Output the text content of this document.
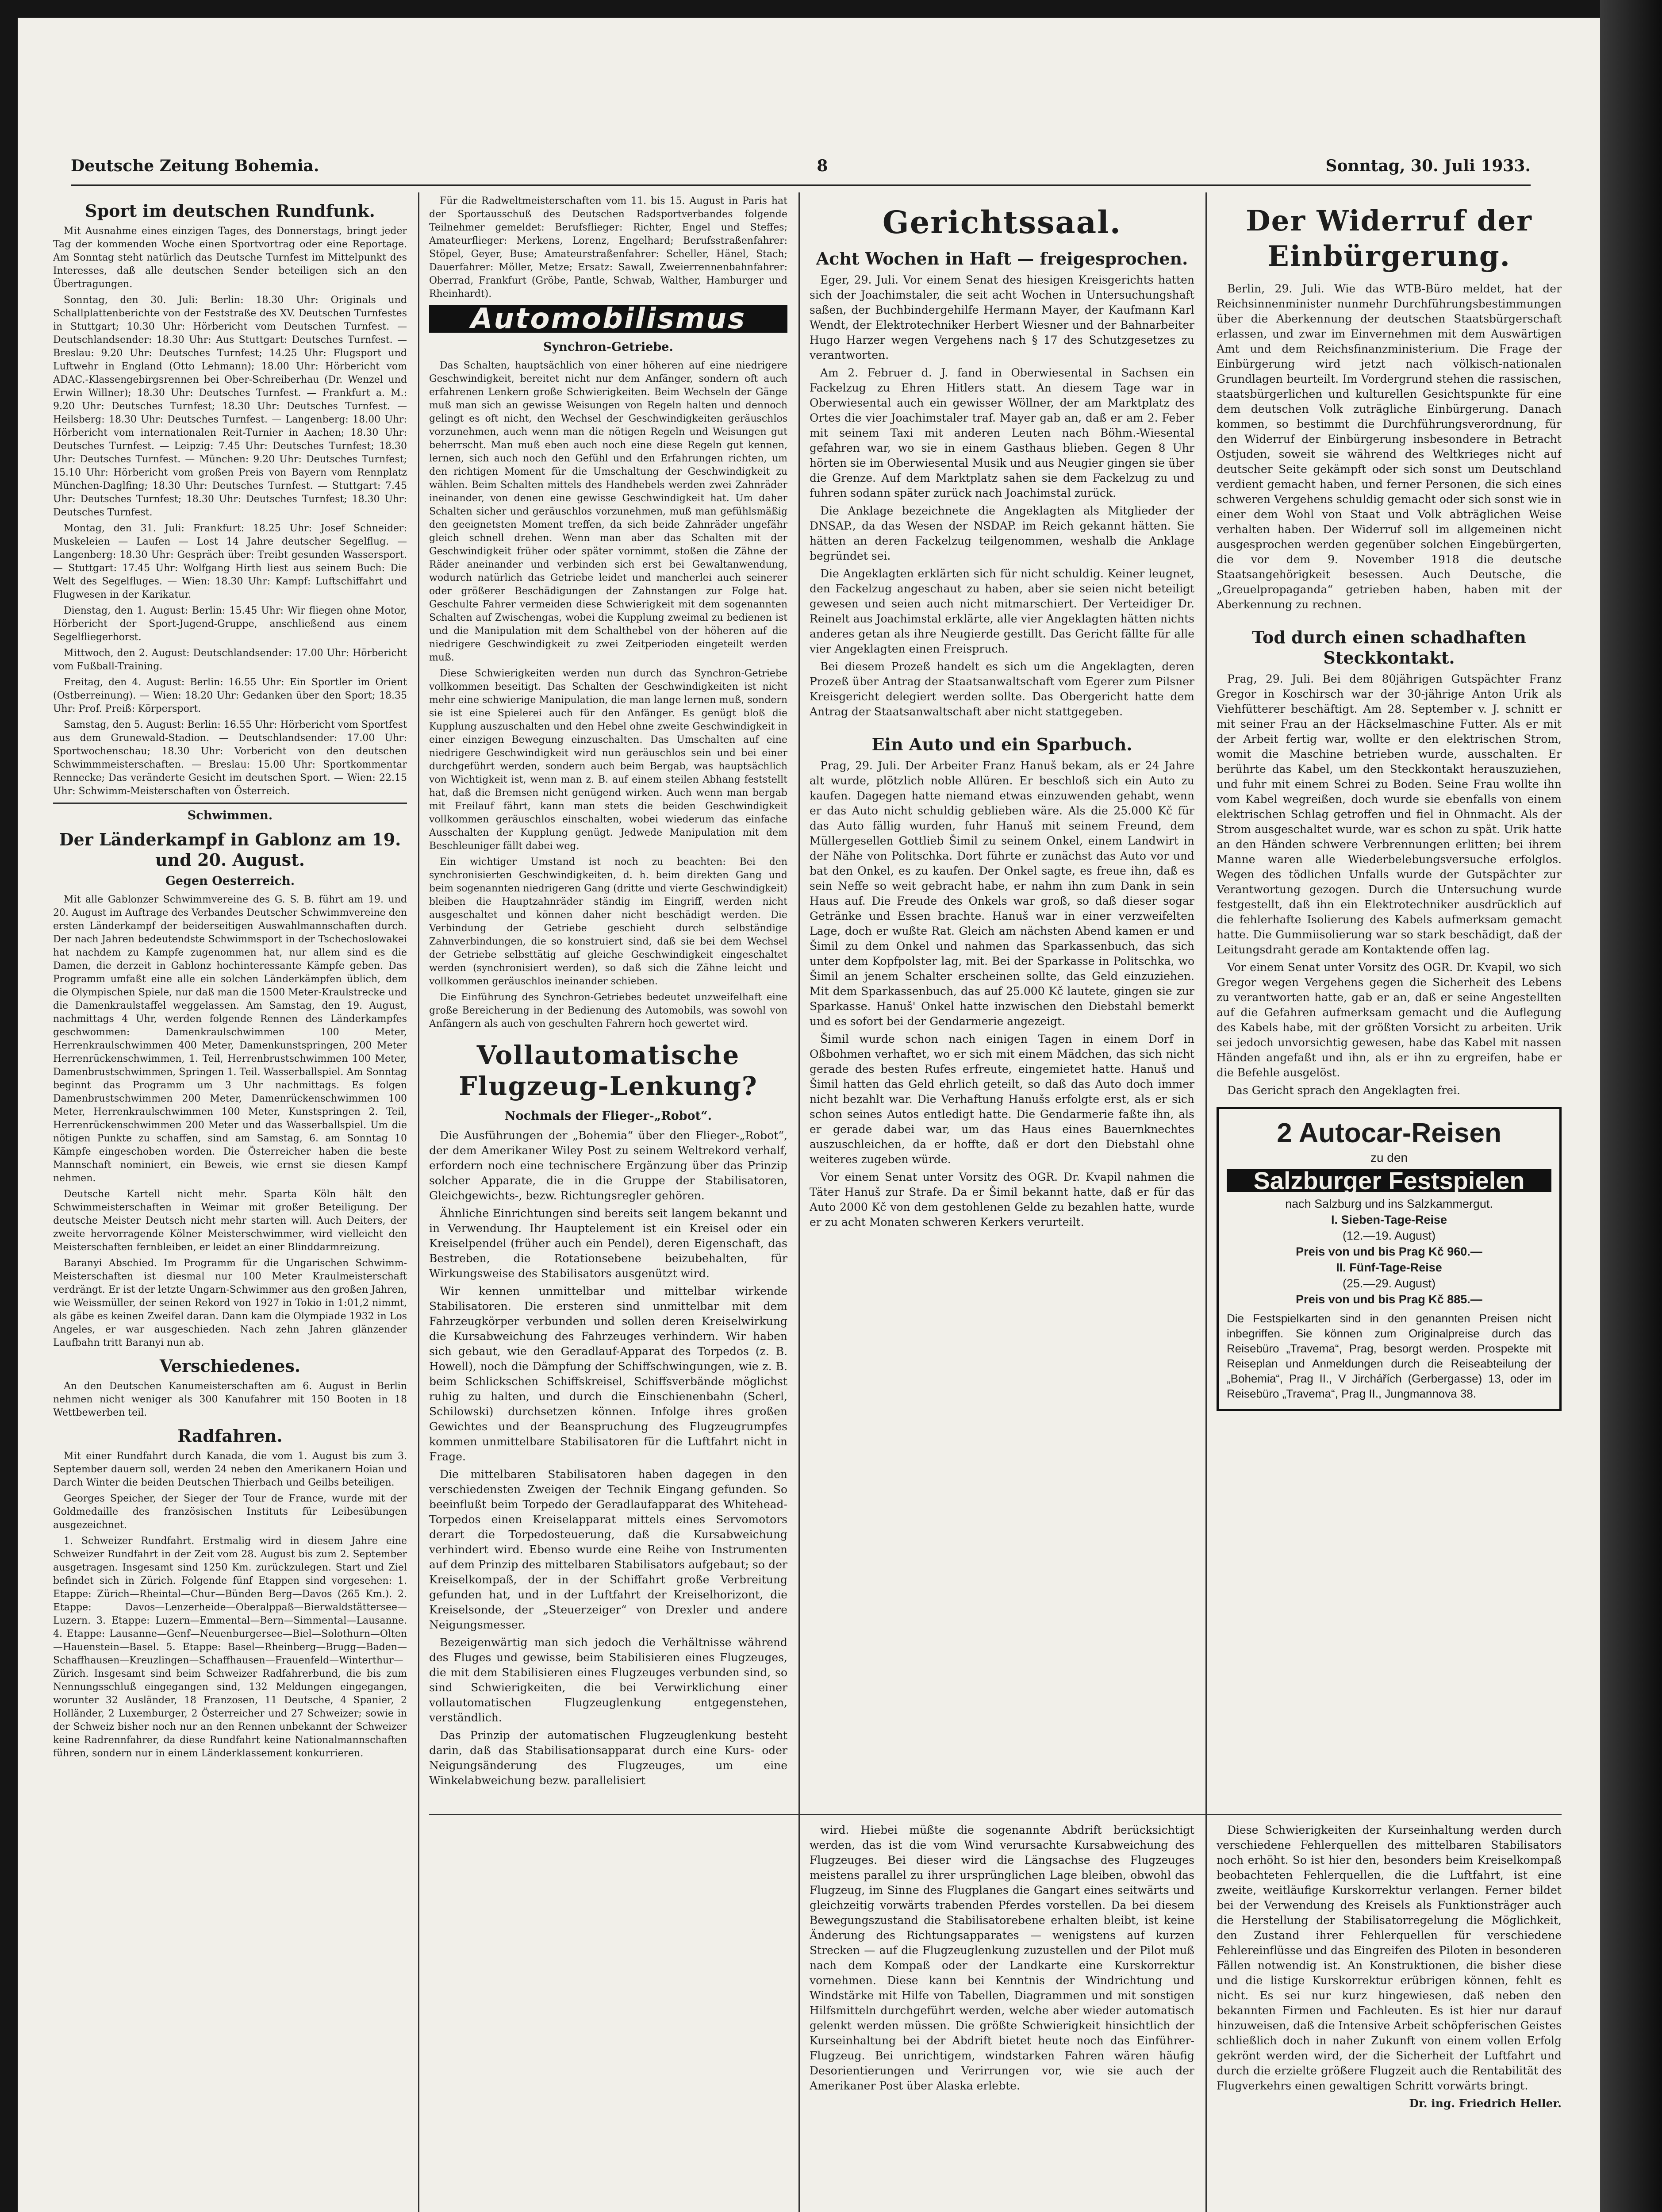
Deutsche Zeitung Bohemia.	8	Sonntag, 30. Juli 1933.
Sport im deutschen Rundfunk.

Mit Ausnahme eines einzigen Tages, des Donnerstags, bringt jeder Tag der kommenden Woche einen Sportvortrag oder eine Reportage. Am Sonntag steht natürlich das Deutsche Turnfest im Mittelpunkt des Interesses, daß alle deutschen Sender beteiligen sich an den Übertragungen.

Sonntag, den 30. Juli: Berlin: 18.30 Uhr: Originals und Schallplattenberichte von der Feststraße des XV. Deutschen Turnfestes in Stuttgart; 10.30 Uhr: Hörbericht vom Deutschen Turnfest. — Deutschlandsender: 18.30 Uhr: Aus Stuttgart: Deutsches Turnfest. — Breslau: 9.20 Uhr: Deutsches Turnfest; 14.25 Uhr: Flugsport und Luftwehr in England (Otto Lehmann); 18.00 Uhr: Hörbericht vom ADAC.-Klassengebirgsrennen bei Ober-Schreiberhau (Dr. Wenzel und Erwin Willner); 18.30 Uhr: Deutsches Turnfest. — Frankfurt a. M.: 9.20 Uhr: Deutsches Turnfest; 18.30 Uhr: Deutsches Turnfest. — Heilsberg: 18.30 Uhr: Deutsches Turnfest. — Langenberg: 18.00 Uhr: Hörbericht vom internationalen Reit-Turnier in Aachen; 18.30 Uhr: Deutsches Turnfest. — Leipzig: 7.45 Uhr: Deutsches Turnfest; 18.30 Uhr: Deutsches Turnfest. — München: 9.20 Uhr: Deutsches Turnfest; 15.10 Uhr: Hörbericht vom großen Preis von Bayern vom Rennplatz München-Daglfing; 18.30 Uhr: Deutsches Turnfest. — Stuttgart: 7.45 Uhr: Deutsches Turnfest; 18.30 Uhr: Deutsches Turnfest; 18.30 Uhr: Deutsches Turnfest.

Montag, den 31. Juli: Frankfurt: 18.25 Uhr: Josef Schneider: Muskeleien — Laufen — Lost 14 Jahre deutscher Segelflug. — Langenberg: 18.30 Uhr: Gespräch über: Treibt gesunden Wassersport. — Stuttgart: 17.45 Uhr: Wolfgang Hirth liest aus seinem Buch: Die Welt des Segelfluges. — Wien: 18.30 Uhr: Kampf: Luftschiffahrt und Flugwesen in der Karikatur.

Dienstag, den 1. August: Berlin: 15.45 Uhr: Wir fliegen ohne Motor, Hörbericht der Sport-Jugend-Gruppe, anschließend aus einem Segelfliegerhorst.

Mittwoch, den 2. August: Deutschlandsender: 17.00 Uhr: Hörbericht vom Fußball-Training.

Freitag, den 4. August: Berlin: 16.55 Uhr: Ein Sportler im Orient (Ostberreinung). — Wien: 18.20 Uhr: Gedanken über den Sport; 18.35 Uhr: Prof. Preiß: Körpersport.

Samstag, den 5. August: Berlin: 16.55 Uhr: Hörbericht vom Sportfest aus dem Grunewald-Stadion. — Deutschlandsender: 17.00 Uhr: Sportwochenschau; 18.30 Uhr: Vorbericht von den deutschen Schwimmmeisterschaften. — Breslau: 15.00 Uhr: Sportkommentar Rennecke; Das veränderte Gesicht im deutschen Sport. — Wien: 22.15 Uhr: Schwimm-Meisterschaften von Österreich.

Schwimmen.
Der Länderkampf in Gablonz am 19. und 20. August.
Gegen Oesterreich.

Mit alle Gablonzer Schwimmvereine des G. S. B. führt am 19. und 20. August im Auftrage des Verbandes Deutscher Schwimmvereine den ersten Länderkampf der beiderseitigen Auswahlmannschaften durch. Der nach Jahren bedeutendste Schwimmsport in der Tschechoslowakei hat nachdem zu Kampfe zugenommen hat, nur allem sind es die Damen, die derzeit in Gablonz hochinteressante Kämpfe geben. Das Programm umfaßt eine alle ein solchen Länderkämpfen üblich, dem die Olympischen Spiele, nur daß man die 1500 Meter-Kraulstrecke und die Damenkraulstaffel weggelassen. Am Samstag, den 19. August, nachmittags 4 Uhr, werden folgende Rennen des Länderkampfes geschwommen: Damenkraulschwimmen 100 Meter, Herrenkraulschwimmen 400 Meter, Damenkunstspringen, 200 Meter Herrenrückenschwimmen, 1. Teil, Herrenbrustschwimmen 100 Meter, Damenbrustschwimmen, Springen 1. Teil. Wasserballspiel. Am Sonntag beginnt das Programm um 3 Uhr nachmittags. Es folgen Damenbrustschwimmen 200 Meter, Damenrückenschwimmen 100 Meter, Herrenkraulschwimmen 100 Meter, Kunstspringen 2. Teil, Herrenrückenschwimmen 200 Meter und das Wasserballspiel. Um die nötigen Punkte zu schaffen, sind am Samstag, 6. am Sonntag 10 Kämpfe eingeschoben worden. Die Österreicher haben die beste Mannschaft nominiert, ein Beweis, wie ernst sie diesen Kampf nehmen.

Deutsche Kartell nicht mehr. Sparta Köln hält den Schwimmeisterschaften in Weimar mit großer Beteiligung. Der deutsche Meister Deutsch nicht mehr starten will. Auch Deiters, der zweite hervorragende Kölner Meisterschwimmer, wird vielleicht den Meisterschaften fernbleiben, er leidet an einer Blinddarmreizung.

Baranyi Abschied. Im Programm für die Ungarischen Schwimm-Meisterschaften ist diesmal nur 100 Meter Kraulmeisterschaft verdrängt. Er ist der letzte Ungarn-Schwimmer aus den großen Jahren, wie Weissmüller, der seinen Rekord von 1927 in Tokio in 1:01,2 nimmt, als gäbe es keinen Zweifel daran. Dann kam die Olympiade 1932 in Los Angeles, er war ausgeschieden. Nach zehn Jahren glänzender Laufbahn tritt Baranyi nun ab.

Verschiedenes.

An den Deutschen Kanumeisterschaften am 6. August in Berlin nehmen nicht weniger als 300 Kanufahrer mit 150 Booten in 18 Wettbewerben teil.

Radfahren.

Mit einer Rundfahrt durch Kanada, die vom 1. August bis zum 3. September dauern soll, werden 24 neben den Amerikanern Hoian und Darch Winter die beiden Deutschen Thierbach und Geilbs beteiligen.

Georges Speicher, der Sieger der Tour de France, wurde mit der Goldmedaille des französischen Instituts für Leibesübungen ausgezeichnet.

1. Schweizer Rundfahrt. Erstmalig wird in diesem Jahre eine Schweizer Rundfahrt in der Zeit vom 28. August bis zum 2. September ausgetragen. Insgesamt sind 1250 Km. zurückzulegen. Start und Ziel befindet sich in Zürich. Folgende fünf Etappen sind vorgesehen: 1. Etappe: Zürich—Rheintal—Chur—Bünden Berg—Davos (265 Km.). 2. Etappe: Davos—Lenzerheide—Oberalppaß—Bierwaldstättersee—Luzern. 3. Etappe: Luzern—Emmental—Bern—Simmental—Lausanne. 4. Etappe: Lausanne—Genf—Neuenburgersee—Biel—Solothurn—Olten—Hauenstein—Basel. 5. Etappe: Basel—Rheinberg—Brugg—Baden—Schaffhausen—Kreuzlingen—Schaffhausen—Frauenfeld—Winterthur—Zürich. Insgesamt sind beim Schweizer Radfahrerbund, die bis zum Nennungsschluß eingegangen sind, 132 Meldungen eingegangen, worunter 32 Ausländer, 18 Franzosen, 11 Deutsche, 4 Spanier, 2 Holländer, 2 Luxemburger, 2 Österreicher und 27 Schweizer; sowie in der Schweiz bisher noch nur an den Rennen unbekannt der Schweizer keine Radrennfahrer, da diese Rundfahrt keine Nationalmannschaften führen, sondern nur in einem Länderklassement konkurrieren.

Für die Radweltmeisterschaften vom 11. bis 15. August in Paris hat der Sportausschuß des Deutschen Radsportverbandes folgende Teilnehmer gemeldet: Berufsflieger: Richter, Engel und Steffes; Amateurflieger: Merkens, Lorenz, Engelhard; Berufsstraßenfahrer: Stöpel, Geyer, Buse; Amateurstraßenfahrer: Scheller, Hänel, Stach; Dauerfahrer: Möller, Metze; Ersatz: Sawall, Zweierrennenbahnfahrer: Oberrad, Frankfurt (Gröbe, Pantle, Schwab, Walther, Hamburger und Rheinhardt).

Automobilismus
Synchron-Getriebe.

Das Schalten, hauptsächlich von einer höheren auf eine niedrigere Geschwindigkeit, bereitet nicht nur dem Anfänger, sondern oft auch erfahrenen Lenkern große Schwierigkeiten. Beim Wechseln der Gänge muß man sich an gewisse Weisungen von Regeln halten und dennoch gelingt es oft nicht, den Wechsel der Geschwindigkeiten geräuschlos vorzunehmen, auch wenn man die nötigen Regeln und Weisungen gut beherrscht. Man muß eben auch noch eine diese Regeln gut kennen, lernen, sich auch noch den Gefühl und den Erfahrungen richten, um den richtigen Moment für die Umschaltung der Geschwindigkeit zu wählen. Beim Schalten mittels des Handhebels werden zwei Zahnräder ineinander, von denen eine gewisse Geschwindigkeit hat. Um daher Schalten sicher und geräuschlos vorzunehmen, muß man gefühlsmäßig den geeignetsten Moment treffen, da sich beide Zahnräder ungefähr gleich schnell drehen. Wenn man aber das Schalten mit der Geschwindigkeit früher oder später vornimmt, stoßen die Zähne der Räder aneinander und verbinden sich erst bei Gewaltanwendung, wodurch natürlich das Getriebe leidet und mancherlei auch seinerer oder größerer Beschädigungen der Zahnstangen zur Folge hat. Geschulte Fahrer vermeiden diese Schwierigkeit mit dem sogenannten Schalten auf Zwischengas, wobei die Kupplung zweimal zu bedienen ist und die Manipulation mit dem Schalthebel von der höheren auf die niedrigere Geschwindigkeit zu zwei Zeitperioden eingeteilt werden muß.

Diese Schwierigkeiten werden nun durch das Synchron-Getriebe vollkommen beseitigt. Das Schalten der Geschwindigkeiten ist nicht mehr eine schwierige Manipulation, die man lange lernen muß, sondern sie ist eine Spielerei auch für den Anfänger. Es genügt bloß die Kupplung auszuschalten und den Hebel ohne zweite Geschwindigkeit in einer einzigen Bewegung einzuschalten. Das Umschalten auf eine niedrigere Geschwindigkeit wird nun geräuschlos sein und bei einer durchgeführt werden, sondern auch beim Bergab, was hauptsächlich von Wichtigkeit ist, wenn man z. B. auf einem steilen Abhang feststellt hat, daß die Bremsen nicht genügend wirken. Auch wenn man bergab mit Freilauf fährt, kann man stets die beiden Geschwindigkeit vollkommen geräuschlos einschalten, wobei wiederum das einfache Ausschalten der Kupplung genügt. Jedwede Manipulation mit dem Beschleuniger fällt dabei weg.

Ein wichtiger Umstand ist noch zu beachten: Bei den synchronisierten Geschwindigkeiten, d. h. beim direkten Gang und beim sogenannten niedrigeren Gang (dritte und vierte Geschwindigkeit) bleiben die Hauptzahnräder ständig im Eingriff, werden nicht ausgeschaltet und können daher nicht beschädigt werden. Die Verbindung der Getriebe geschieht durch selbständige Zahnverbindungen, die so konstruiert sind, daß sie bei dem Wechsel der Getriebe selbsttätig auf gleiche Geschwindigkeit eingeschaltet werden (synchronisiert werden), so daß sich die Zähne leicht und vollkommen geräuschlos ineinander schieben.

Die Einführung des Synchron-Getriebes bedeutet unzweifelhaft eine große Bereicherung in der Bedienung des Automobils, was sowohl von Anfängern als auch von geschulten Fahrern hoch gewertet wird.

Vollautomatische Flugzeug-Lenkung?
Nochmals der Flieger-„Robot“.

Die Ausführungen der „Bohemia“ über den Flieger-„Robot“, der dem Amerikaner Wiley Post zu seinem Weltrekord verhalf, erfordern noch eine technischere Ergänzung über das Prinzip solcher Apparate, die in die Gruppe der Stabilisatoren, Gleichgewichts-, bezw. Richtungsregler gehören.

Ähnliche Einrichtungen sind bereits seit langem bekannt und in Verwendung. Ihr Hauptelement ist ein Kreisel oder ein Kreiselpendel (früher auch ein Pendel), deren Eigenschaft, das Bestreben, die Rotationsebene beizubehalten, für Wirkungsweise des Stabilisators ausgenützt wird.

Wir kennen unmittelbar und mittelbar wirkende Stabilisatoren. Die ersteren sind unmittelbar mit dem Fahrzeugkörper verbunden und sollen deren Kreiselwirkung die Kursabweichung des Fahrzeuges verhindern. Wir haben sich gebaut, wie den Geradlauf-Apparat des Torpedos (z. B. Howell), noch die Dämpfung der Schiffschwingungen, wie z. B. beim Schlickschen Schiffskreisel, Schiffsverbände möglichst ruhig zu halten, und durch die Einschienenbahn (Scherl, Schilowski) durchsetzen können. Infolge ihres großen Gewichtes und der Beanspruchung des Flugzeugrumpfes kommen unmittelbare Stabilisatoren für die Luftfahrt nicht in Frage.

Die mittelbaren Stabilisatoren haben dagegen in den verschiedensten Zweigen der Technik Eingang gefunden. So beeinflußt beim Torpedo der Geradlaufapparat des Whitehead-Torpedos einen Kreiselapparat mittels eines Servomotors derart die Torpedosteuerung, daß die Kursabweichung verhindert wird. Ebenso wurde eine Reihe von Instrumenten auf dem Prinzip des mittelbaren Stabilisators aufgebaut; so der Kreiselkompaß, der in der Schiffahrt große Verbreitung gefunden hat, und in der Luftfahrt der Kreiselhorizont, die Kreiselsonde, der „Steuerzeiger“ von Drexler und andere Neigungsmesser.

Bezeigenwärtig man sich jedoch die Verhältnisse während des Fluges und gewisse, beim Stabilisieren eines Flugzeuges, die mit dem Stabilisieren eines Flugzeuges verbunden sind, so sind Schwierigkeiten, die bei Verwirklichung einer vollautomatischen Flugzeuglenkung entgegenstehen, verständlich.

Das Prinzip der automatischen Flugzeuglenkung besteht darin, daß das Stabilisationsapparat durch eine Kurs- oder Neigungsänderung des Flugzeuges, um eine Winkelabweichung bezw. parallelisiert

Gerichtssaal.
Acht Wochen in Haft — freigesprochen.

Eger, 29. Juli. Vor einem Senat des hiesigen Kreisgerichts hatten sich der Joachimstaler, die seit acht Wochen in Untersuchungshaft saßen, der Buchbindergehilfe Hermann Mayer, der Kaufmann Karl Wendt, der Elektrotechniker Herbert Wiesner und der Bahnarbeiter Hugo Harzer wegen Vergehens nach § 17 des Schutzgesetzes zu verantworten.

Am 2. Februer d. J. fand in Oberwiesental in Sachsen ein Fackelzug zu Ehren Hitlers statt. An diesem Tage war in Oberwiesental auch ein gewisser Wöllner, der am Marktplatz des Ortes die vier Joachimstaler traf. Mayer gab an, daß er am 2. Feber mit seinem Taxi mit anderen Leuten nach Böhm.-Wiesental gefahren war, wo sie in einem Gasthaus blieben. Gegen 8 Uhr hörten sie im Oberwiesental Musik und aus Neugier gingen sie über die Grenze. Auf dem Marktplatz sahen sie dem Fackelzug zu und fuhren sodann später zurück nach Joachimstal zurück.

Die Anklage bezeichnete die Angeklagten als Mitglieder der DNSAP., da das Wesen der NSDAP. im Reich gekannt hätten. Sie hätten an deren Fackelzug teilgenommen, weshalb die Anklage begründet sei.

Die Angeklagten erklärten sich für nicht schuldig. Keiner leugnet, den Fackelzug angeschaut zu haben, aber sie seien nicht beteiligt gewesen und seien auch nicht mitmarschiert. Der Verteidiger Dr. Reinelt aus Joachimstal erklärte, alle vier Angeklagten hätten nichts anderes getan als ihre Neugierde gestillt. Das Gericht fällte für alle vier Angeklagten einen Freispruch.

Bei diesem Prozeß handelt es sich um die Angeklagten, deren Prozeß über Antrag der Staatsanwaltschaft vom Egerer zum Pilsner Kreisgericht delegiert werden sollte. Das Obergericht hatte dem Antrag der Staatsanwaltschaft aber nicht stattgegeben.

Ein Auto und ein Sparbuch.

Prag, 29. Juli. Der Arbeiter Franz Hanuš bekam, als er 24 Jahre alt wurde, plötzlich noble Allüren. Er beschloß sich ein Auto zu kaufen. Dagegen hatte niemand etwas einzuwenden gehabt, wenn er das Auto nicht schuldig geblieben wäre. Als die 25.000 Kč für das Auto fällig wurden, fuhr Hanuš mit seinem Freund, dem Müllergesellen Gottlieb Šimil zu seinem Onkel, einem Landwirt in der Nähe von Politschka. Dort führte er zunächst das Auto vor und bat den Onkel, es zu kaufen. Der Onkel sagte, es freue ihn, daß es sein Neffe so weit gebracht habe, er nahm ihn zum Dank in sein Haus auf. Die Freude des Onkels war groß, so daß dieser sogar Getränke und Essen brachte. Hanuš war in einer verzweifelten Lage, doch er wußte Rat. Gleich am nächsten Abend kamen er und Šimil zu dem Onkel und nahmen das Sparkassenbuch, das sich unter dem Kopfpolster lag, mit. Bei der Sparkasse in Politschka, wo Šimil an jenem Schalter erscheinen sollte, das Geld einzuziehen. Mit dem Sparkassenbuch, das auf 25.000 Kč lautete, gingen sie zur Sparkasse. Hanuš' Onkel hatte inzwischen den Diebstahl bemerkt und es sofort bei der Gendarmerie angezeigt.

Šimil wurde schon nach einigen Tagen in einem Dorf in Oßbohmen verhaftet, wo er sich mit einem Mädchen, das sich nicht gerade des besten Rufes erfreute, eingemietet hatte. Hanuš und Šimil hatten das Geld ehrlich geteilt, so daß das Auto doch immer nicht bezahlt war. Die Verhaftung Hanušs erfolgte erst, als er sich schon seines Autos entledigt hatte. Die Gendarmerie faßte ihn, als er gerade dabei war, um das Haus eines Bauernknechtes auszuschleichen, da er hoffte, daß er dort den Diebstahl ohne weiteres zugeben würde.

Vor einem Senat unter Vorsitz des OGR. Dr. Kvapil nahmen die Täter Hanuš zur Strafe. Da er Šimil bekannt hatte, daß er für das Auto 2000 Kč von dem gestohlenen Gelde zu bezahlen hatte, wurde er zu acht Monaten schweren Kerkers verurteilt.

Der Widerruf der Einbürgerung.

Berlin, 29. Juli. Wie das WTB-Büro meldet, hat der Reichsinnenminister nunmehr Durchführungsbestimmungen über die Aberkennung der deutschen Staatsbürgerschaft erlassen, und zwar im Einvernehmen mit dem Auswärtigen Amt und dem Reichsfinanzministerium. Die Frage der Einbürgerung wird jetzt nach völkisch-nationalen Grundlagen beurteilt. Im Vordergrund stehen die rassischen, staatsbürgerlichen und kulturellen Gesichtspunkte für eine dem deutschen Volk zuträgliche Einbürgerung. Danach kommen, so bestimmt die Durchführungsverordnung, für den Widerruf der Einbürgerung insbesondere in Betracht Ostjuden, soweit sie während des Weltkrieges nicht auf deutscher Seite gekämpft oder sich sonst um Deutschland verdient gemacht haben, und ferner Personen, die sich eines schweren Vergehens schuldig gemacht oder sich sonst wie in einer dem Wohl von Staat und Volk abträglichen Weise verhalten haben. Der Widerruf soll im allgemeinen nicht ausgesprochen werden gegenüber solchen Eingebürgerten, die vor dem 9. November 1918 die deutsche Staatsangehörigkeit besessen. Auch Deutsche, die „Greuelpropaganda“ getrieben haben, haben mit der Aberkennung zu rechnen.

Tod durch einen schadhaften Steckkontakt.

Prag, 29. Juli. Bei dem 80jährigen Gutspächter Franz Gregor in Koschirsch war der 30-jährige Anton Urik als Viehfütterer beschäftigt. Am 28. September v. J. schnitt er mit seiner Frau an der Häckselmaschine Futter. Als er mit der Arbeit fertig war, wollte er den elektrischen Strom, womit die Maschine betrieben wurde, ausschalten. Er berührte das Kabel, um den Steckkontakt herauszuziehen, und fuhr mit einem Schrei zu Boden. Seine Frau wollte ihn vom Kabel wegreißen, doch wurde sie ebenfalls von einem elektrischen Schlag getroffen und fiel in Ohnmacht. Als der Strom ausgeschaltet wurde, war es schon zu spät. Urik hatte an den Händen schwere Verbrennungen erlitten; bei ihrem Manne waren alle Wiederbelebungsversuche erfolglos. Wegen des tödlichen Unfalls wurde der Gutspächter zur Verantwortung gezogen. Durch die Untersuchung wurde festgestellt, daß ihn ein Elektrotechniker ausdrücklich auf die fehlerhafte Isolierung des Kabels aufmerksam gemacht hatte. Die Gummiisolierung war so stark beschädigt, daß der Leitungsdraht gerade am Kontaktende offen lag.

Vor einem Senat unter Vorsitz des OGR. Dr. Kvapil, wo sich Gregor wegen Vergehens gegen die Sicherheit des Lebens zu verantworten hatte, gab er an, daß er seine Angestellten auf die Gefahren aufmerksam gemacht und die Auflegung des Kabels habe, mit der größten Vorsicht zu arbeiten. Urik sei jedoch unvorsichtig gewesen, habe das Kabel mit nassen Händen angefaßt und ihn, als er ihn zu ergreifen, habe er die Befehle ausgelöst.

Das Gericht sprach den Angeklagten frei.

2 Autocar-Reisen
zu den
Salzburger Festspielen
nach Salzburg und ins Salzkammergut.
I. Sieben-Tage-Reise
(12.—19. August)
Preis von und bis Prag Kč 960.—
II. Fünf-Tage-Reise
(25.—29. August)
Preis von und bis Prag Kč 885.—
Die Festspielkarten sind in den genannten Preisen nicht inbegriffen. Sie können zum Originalpreise durch das Reisebüro „Travema“, Prag, besorgt werden. Prospekte mit Reiseplan und Anmeldungen durch die Reiseabteilung der „Bohemia“, Prag II., V Jirchářích (Gerbergasse) 13, oder im Reisebüro „Travema“, Prag II., Jungmannova 38.

wird. Hiebei müßte die sogenannte Abdrift berücksichtigt werden, das ist die vom Wind verursachte Kursabweichung des Flugzeuges. Bei dieser wird die Längsachse des Flugzeuges meistens parallel zu ihrer ursprünglichen Lage bleiben, obwohl das Flugzeug, im Sinne des Flugplanes die Gangart eines seitwärts und gleichzeitig vorwärts trabenden Pferdes vorstellen. Da bei diesem Bewegungszustand die Stabilisatorebene erhalten bleibt, ist keine Änderung des Richtungsapparates — wenigstens auf kurzen Strecken — auf die Flugzeuglenkung zuzustellen und der Pilot muß nach dem Kompaß oder der Landkarte eine Kurskorrektur vornehmen. Diese kann bei Kenntnis der Windrichtung und Windstärke mit Hilfe von Tabellen, Diagrammen und mit sonstigen Hilfsmitteln durchgeführt werden, welche aber wieder automatisch gelenkt werden müssen. Die größte Schwierigkeit hinsichtlich der Kurseinhaltung bei der Abdrift bietet heute noch das Einführer-Flugzeug. Bei unrichtigem, windstarken Fahren wären häufig Desorientierungen und Verirrungen vor, wie sie auch der Amerikaner Post über Alaska erlebte.

Diese Schwierigkeiten der Kurseinhaltung werden durch verschiedene Fehlerquellen des mittelbaren Stabilisators noch erhöht. So ist hier den, besonders beim Kreiselkompaß beobachteten Fehlerquellen, die die Luftfahrt, ist eine zweite, weitläufige Kurskorrektur verlangen. Ferner bildet bei der Verwendung des Kreisels als Funktionsträger auch die Herstellung der Stabilisatorregelung die Möglichkeit, den Zustand ihrer Fehlerquellen für verschiedene Fehlereinflüsse und das Eingreifen des Piloten in besonderen Fällen notwendig ist. An Konstruktionen, die bisher diese und die listige Kurskorrektur erübrigen können, fehlt es nicht. Es sei nur kurz hingewiesen, daß neben den bekannten Firmen und Fachleuten. Es ist hier nur darauf hinzuweisen, daß die Intensive Arbeit schöpferischen Geistes schließlich doch in naher Zukunft von einem vollen Erfolg gekrönt werden wird, der die Sicherheit der Luftfahrt und durch die erzielte größere Flugzeit auch die Rentabilität des Flugverkehrs einen gewaltigen Schritt vorwärts bringt.

Dr. ing. Friedrich Heller.
